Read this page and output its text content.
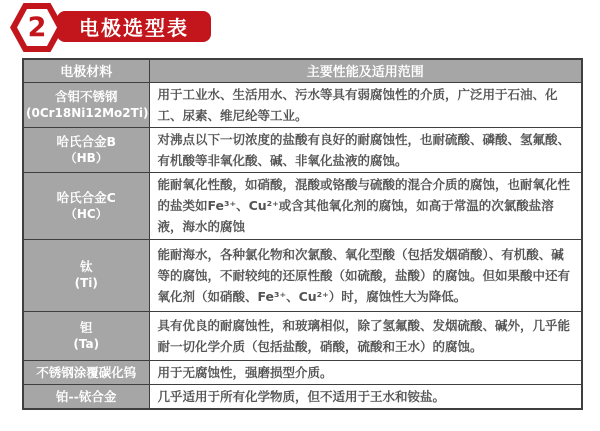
电极选型表
2
电极材料	主要性能及适用范围

含钼不锈钢
(0Cr18Ni12Mo2Ti)	用于工业水、生活用水、污水等具有弱腐蚀性的介质，广泛用于石油、化工、尿素、维尼纶等工业。

哈氏合金B
（HB）	对沸点以下一切浓度的盐酸有良好的耐腐蚀性，也耐硫酸、磷酸、氢氟酸、有机酸等非氧化酸、碱、非氧化盐液的腐蚀。

哈氏合金C
（HC）	能耐氧化性酸，如硝酸，混酸或铬酸与硫酸的混合介质的腐蚀，也耐氧化性的盐类如Fe³⁺、Cu²⁺或含其他氧化剂的腐蚀，如高于常温的次氯酸盐溶液，海水的腐蚀

钛
(Ti)	能耐海水，各种氯化物和次氯酸、氧化型酸（包括发烟硝酸）、有机酸、碱等的腐蚀，不耐较纯的还原性酸（如硫酸，盐酸）的腐蚀。但如果酸中还有氧化剂（如硝酸、Fe³⁺、Cu²⁺）时，腐蚀性大为降低。

钽
(Ta)	具有优良的耐腐蚀性，和玻璃相似，除了氢氟酸、发烟硫酸、碱外，几乎能耐一切化学介质（包括盐酸，硝酸，硫酸和王水）的腐蚀。

不锈钢涂覆碳化钨	用于无腐蚀性，强磨损型介质。

铂--铱合金	几乎适用于所有化学物质，但不适用于王水和铵盐。
